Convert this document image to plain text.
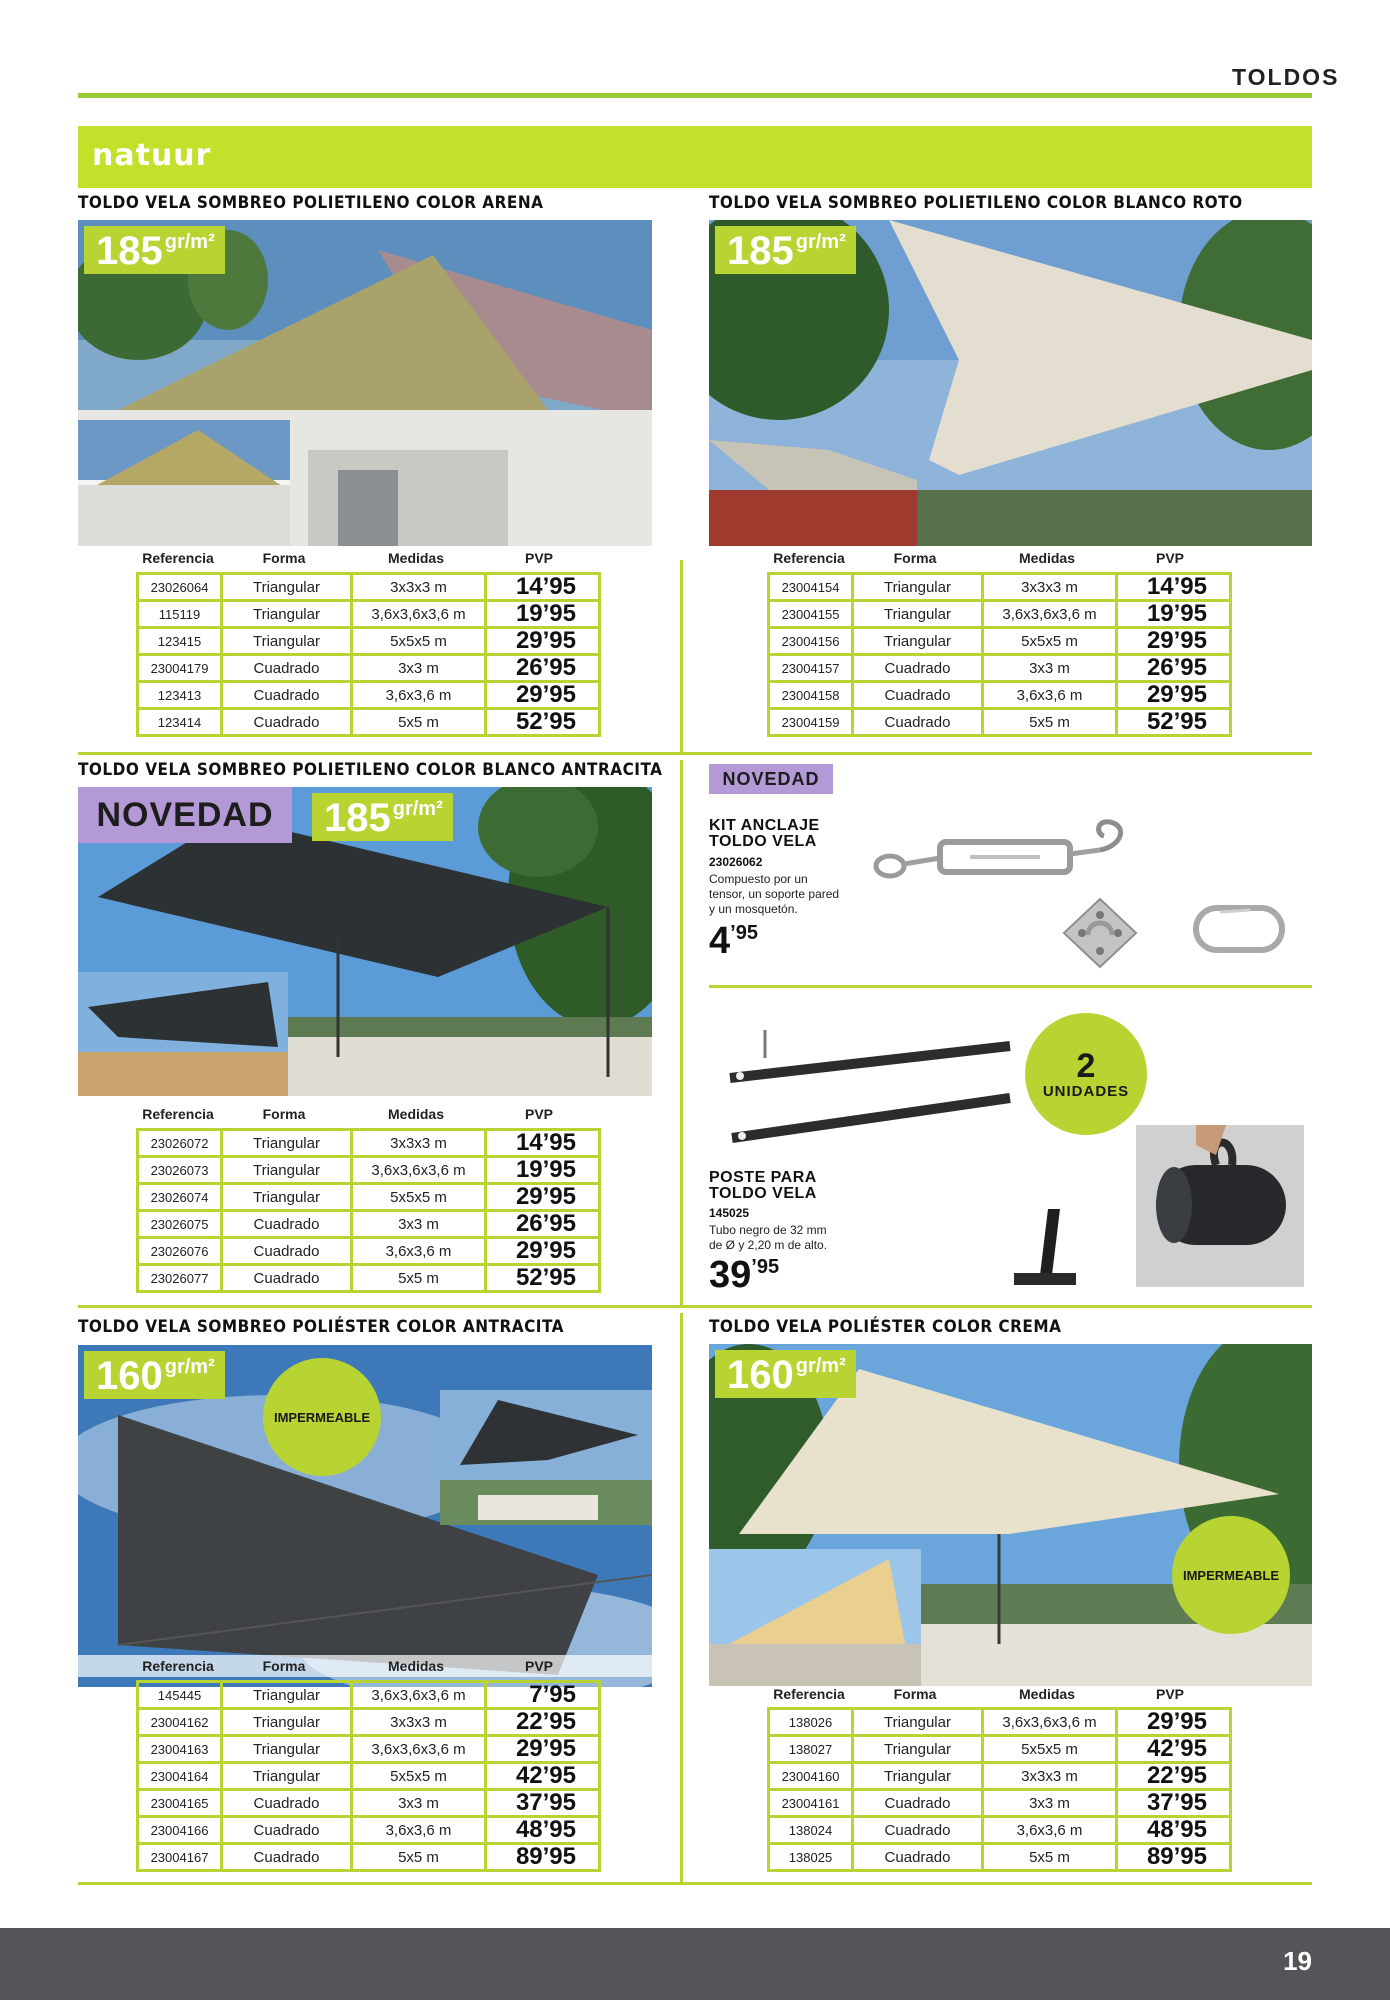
TOLDOS
natuur
TOLDO VELA SOMBREO POLIETILENO COLOR ARENA
185 gr/m²
Referencia	Forma	Medidas	PVP
23026064	Triangular	3x3x3 m	14’95
115119	Triangular	3,6x3,6x3,6 m	19’95
123415	Triangular	5x5x5 m	29’95
23004179	Cuadrado	3x3 m	26’95
123413	Cuadrado	3,6x3,6 m	29’95
123414	Cuadrado	5x5 m	52’95
TOLDO VELA SOMBREO POLIETILENO COLOR BLANCO ROTO
185 gr/m²
Referencia	Forma	Medidas	PVP
23004154	Triangular	3x3x3 m	14’95
23004155	Triangular	3,6x3,6x3,6 m	19’95
23004156	Triangular	5x5x5 m	29’95
23004157	Cuadrado	3x3 m	26’95
23004158	Cuadrado	3,6x3,6 m	29’95
23004159	Cuadrado	5x5 m	52’95
TOLDO VELA SOMBREO POLIETILENO COLOR BLANCO ANTRACITA
NOVEDAD	185 gr/m²
Referencia	Forma	Medidas	PVP
23026072	Triangular	3x3x3 m	14’95
23026073	Triangular	3,6x3,6x3,6 m	19’95
23026074	Triangular	5x5x5 m	29’95
23026075	Cuadrado	3x3 m	26’95
23026076	Cuadrado	3,6x3,6 m	29’95
23026077	Cuadrado	5x5 m	52’95
NOVEDAD
KIT ANCLAJE
TOLDO VELA
23026062
Compuesto por un
tensor, un soporte pared
y un mosquetón.
4 ’95
2
UNIDADES
POSTE PARA
TOLDO VELA
145025
Tubo negro de 32 mm
de Ø y 2,20 m de alto.
39 ’95
TOLDO VELA SOMBREO POLIÉSTER COLOR ANTRACITA
160 gr/m²
IMPERMEABLE
Referencia	Forma	Medidas	PVP
145445	Triangular	3,6x3,6x3,6 m	7’95
23004162	Triangular	3x3x3 m	22’95
23004163	Triangular	3,6x3,6x3,6 m	29’95
23004164	Triangular	5x5x5 m	42’95
23004165	Cuadrado	3x3 m	37’95
23004166	Cuadrado	3,6x3,6 m	48’95
23004167	Cuadrado	5x5 m	89’95
TOLDO VELA POLIÉSTER COLOR CREMA
160 gr/m²
IMPERMEABLE
Referencia	Forma	Medidas	PVP
138026	Triangular	3,6x3,6x3,6 m	29’95
138027	Triangular	5x5x5 m	42’95
23004160	Triangular	3x3x3 m	22’95
23004161	Cuadrado	3x3 m	37’95
138024	Cuadrado	3,6x3,6 m	48’95
138025	Cuadrado	5x5 m	89’95
19
